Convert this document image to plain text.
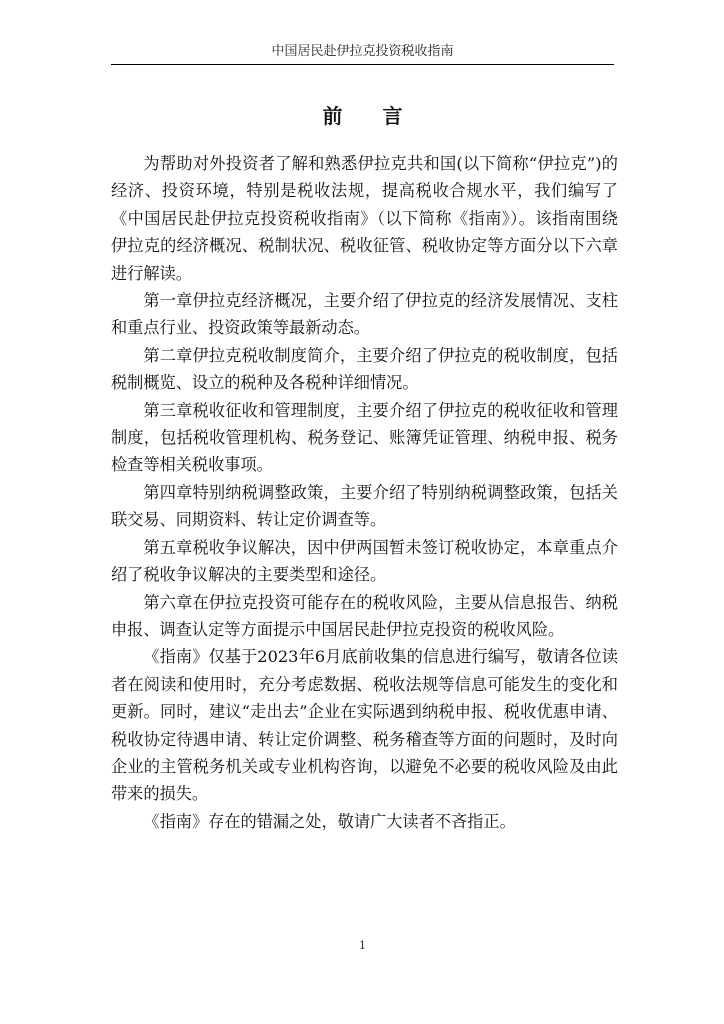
中国居民赴伊拉克投资税收指南
前言

为帮助对外投资者了解和熟悉伊拉克共和国(以下简称“伊拉克”)的经济、投资环境，特别是税收法规，提高税收合规水平，我们编写了《中国居民赴伊拉克投资税收指南》（以下简称《指南》）。该指南围绕伊拉克的经济概况、税制状况、税收征管、税收协定等方面分以下六章进行解读。

第一章伊拉克经济概况，主要介绍了伊拉克的经济发展情况、支柱和重点行业、投资政策等最新动态。

第二章伊拉克税收制度简介，主要介绍了伊拉克的税收制度，包括税制概览、设立的税种及各税种详细情况。

第三章税收征收和管理制度，主要介绍了伊拉克的税收征收和管理制度，包括税收管理机构、税务登记、账簿凭证管理、纳税申报、税务检查等相关税收事项。

第四章特别纳税调整政策，主要介绍了特别纳税调整政策，包括关联交易、同期资料、转让定价调查等。

第五章税收争议解决，因中伊两国暂未签订税收协定，本章重点介绍了税收争议解决的主要类型和途径。

第六章在伊拉克投资可能存在的税收风险，主要从信息报告、纳税申报、调查认定等方面提示中国居民赴伊拉克投资的税收风险。

《指南》仅基于2023年6月底前收集的信息进行编写，敬请各位读者在阅读和使用时，充分考虑数据、税收法规等信息可能发生的变化和更新。同时，建议“走出去”企业在实际遇到纳税申报、税收优惠申请、税收协定待遇申请、转让定价调整、税务稽查等方面的问题时，及时向企业的主管税务机关或专业机构咨询，以避免不必要的税收风险及由此带来的损失。

《指南》存在的错漏之处，敬请广大读者不吝指正。

1
